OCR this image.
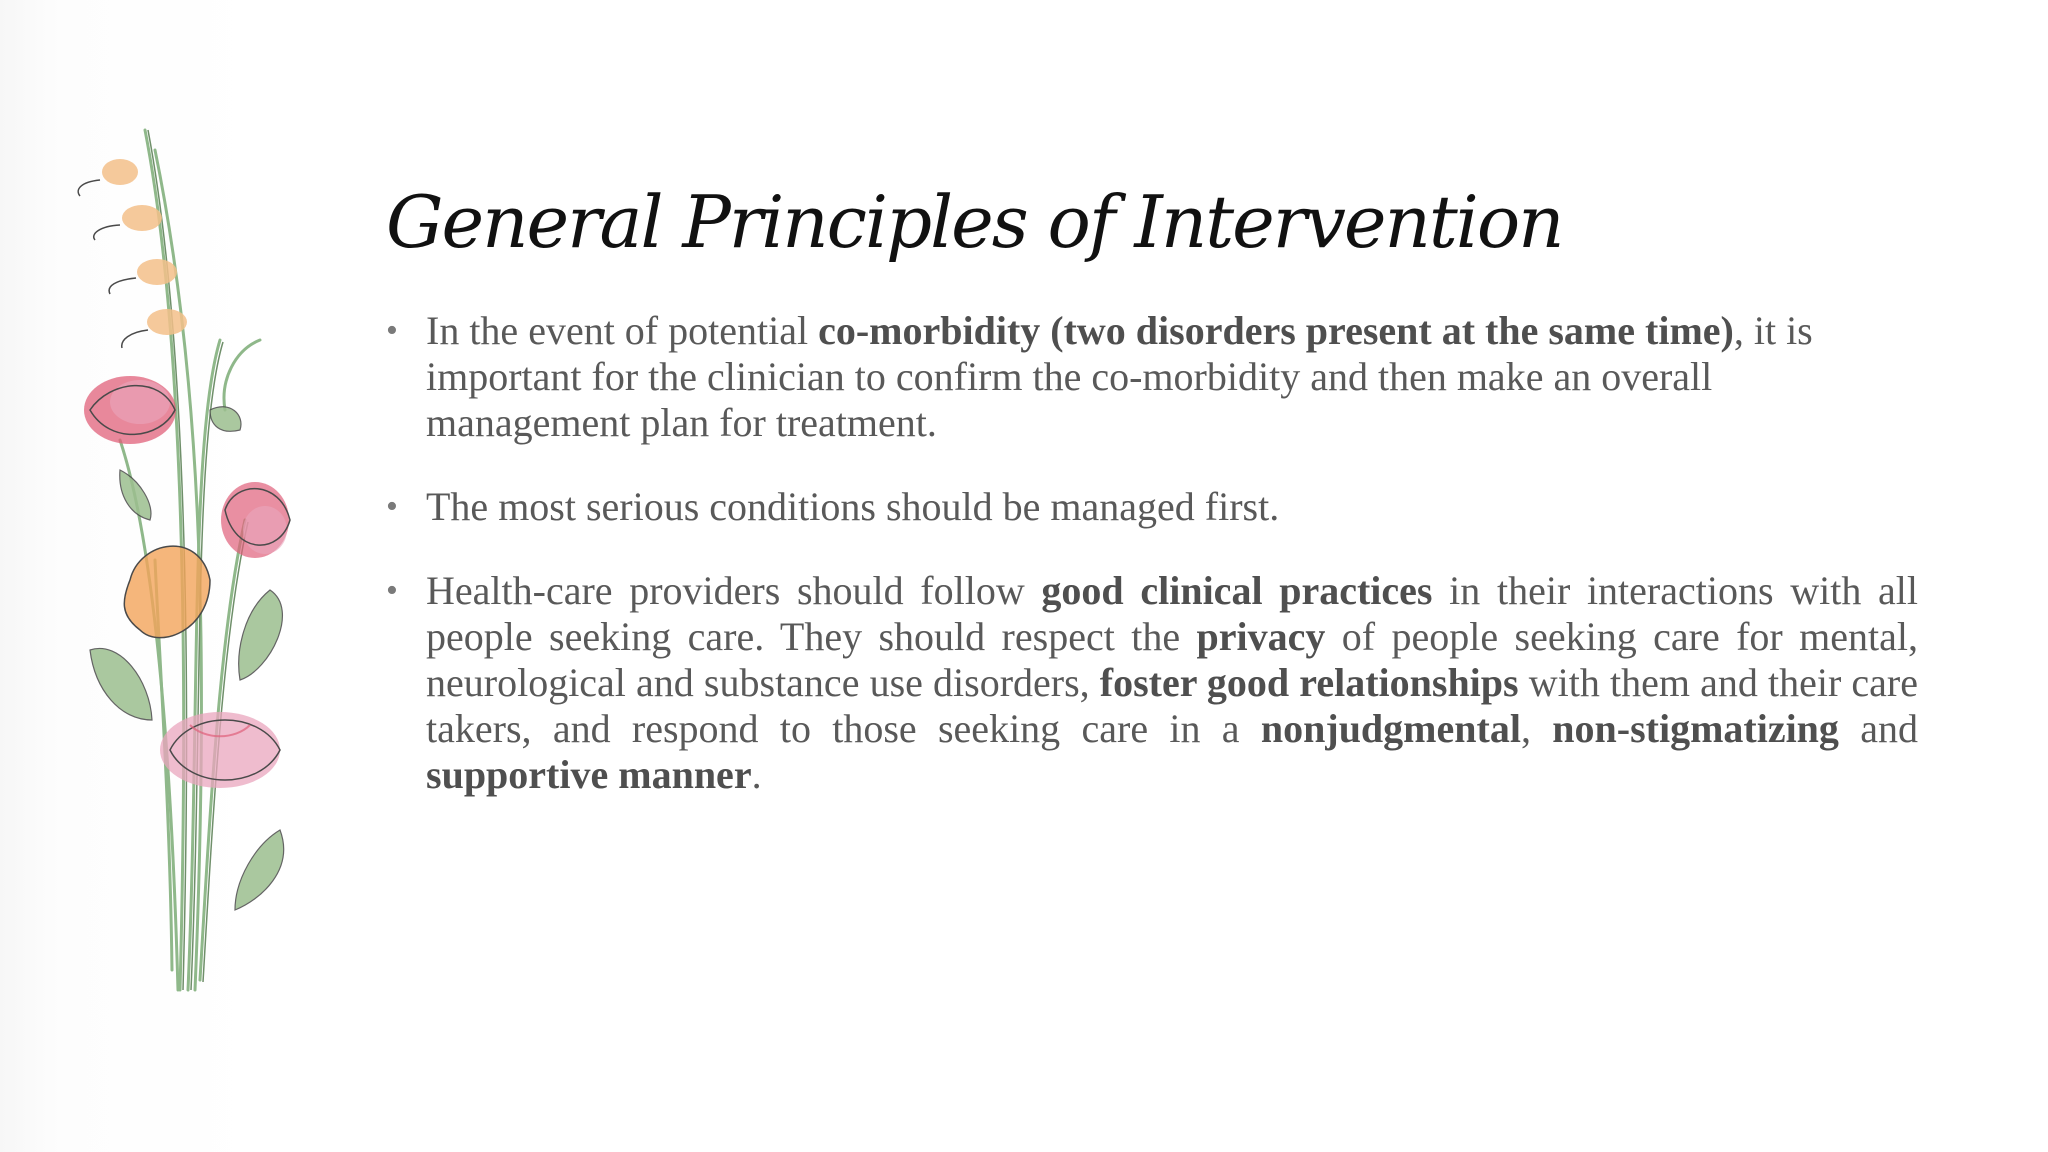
General Principles of Intervention
• In the event of potential co-morbidity (two disorders present at the same time), it is important for the clinician to confirm the co-morbidity and then make an overall management plan for treatment.
• The most serious conditions should be managed first.
• Health-care providers should follow good clinical practices in their interactions with all people seeking care. They should respect the privacy of people seeking care for mental, neurological and substance use disorders, foster good relationships with them and their care takers, and respond to those seeking care in a nonjudgmental, non-stigmatizing and supportive manner.
